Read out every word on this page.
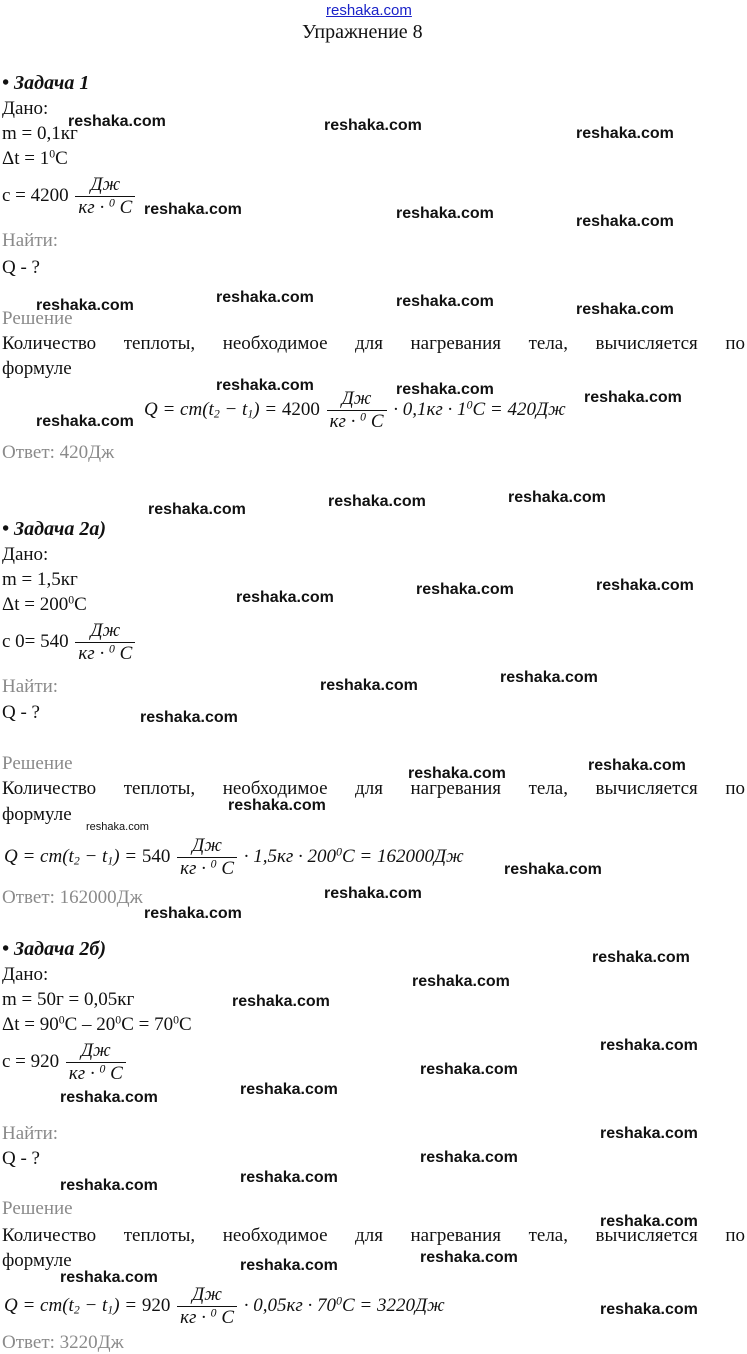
reshaka.com
Упражнение 8
• Задача 1
Дано:
m = 0,1кг
$\Delta t = 1^0C$
$c = 4200 \frac{Дж}{кг \cdot ^0 C}$
Найти:
Q - ?
Решение
Количество теплоты, необходимое для нагревания тела, вычисляется по
формуле
$Q = cm(t_2 - t_1) = 4200 \frac{Дж}{кг \cdot ^0 C} \cdot 0,1кг \cdot 1^0C = 420Дж$
Ответ: 420Дж
• Задача 2а)
Дано:
m = 1,5кг
$\Delta t = 200^0C$
c $0= 540 \frac{Дж}{кг \cdot ^0 C}$
Найти:
Q - ?
Решение
Количество теплоты, необходимое для нагревания тела, вычисляется по
формуле
$Q = cm(t_2 - t_1) = 540 \frac{Дж}{кг \cdot ^0 C} \cdot 1,5кг \cdot 200^0C = 162000Дж$
Ответ: 162000Дж
• Задача 2б)
Дано:
m = 50г = 0,05кг
$\Delta t = 90^0C - 20^0C = 70^0C$
$c = 920 \frac{Дж}{кг \cdot ^0 C}$
Найти:
Q - ?
Решение
Количество теплоты, необходимое для нагревания тела, вычисляется по
формуле
$Q = cm(t_2 - t_1) = 920 \frac{Дж}{кг \cdot ^0 C} \cdot 0,05кг \cdot 70^0C = 3220Дж$
Ответ: 3220Дж
reshaka.com	reshaka.com	reshaka.com
reshaka.com	reshaka.com	reshaka.com
reshaka.com
reshaka.com	reshaka.com	reshaka.com
reshaka.com	reshaka.com	reshaka.com
reshaka.com
reshaka.com	reshaka.com
reshaka.com
reshaka.com	reshaka.com	reshaka.com
reshaka.com	reshaka.com
reshaka.com
reshaka.com	reshaka.com
reshaka.com
reshaka.com
reshaka.com
reshaka.com
reshaka.com
reshaka.com
reshaka.com
reshaka.com
reshaka.com
reshaka.com
reshaka.com
reshaka.com
reshaka.com
reshaka.com
reshaka.com
reshaka.com
reshaka.com
reshaka.com
reshaka.com
reshaka.com
reshaka.com
